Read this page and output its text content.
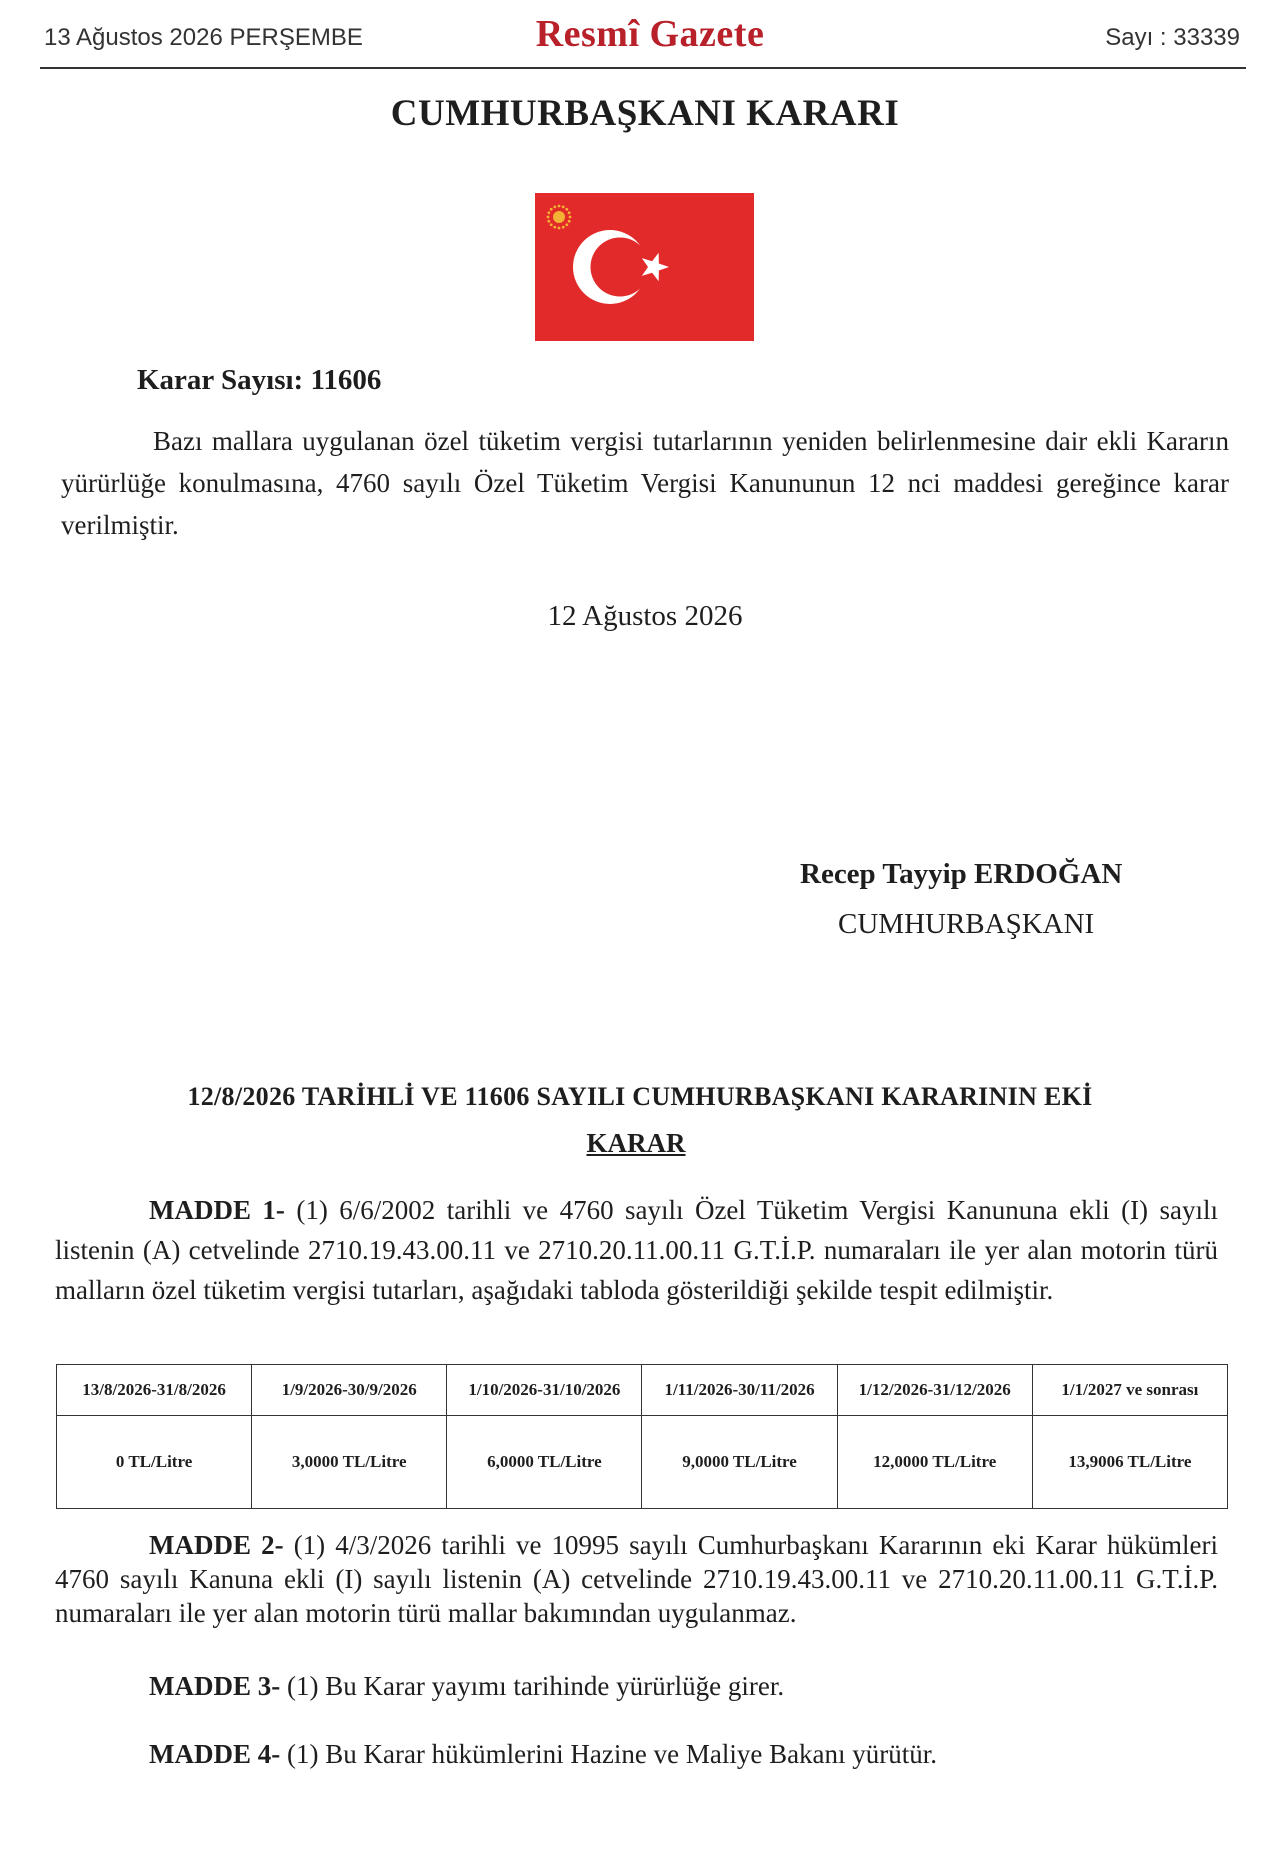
13 Ağustos 2026 PERŞEMBE	Resmî Gazete	Sayı : 33339
CUMHURBAŞKANI KARARI
Karar Sayısı: 11606

Bazı mallara uygulanan özel tüketim vergisi tutarlarının yeniden belirlenmesine dair ekli Kararın yürürlüğe konulmasına, 4760 sayılı Özel Tüketim Vergisi Kanununun 12 nci maddesi gereğince karar verilmiştir.

12 Ağustos 2026
Recep Tayyip ERDOĞAN
CUMHURBAŞKANI
12/8/2026 TARİHLİ VE 11606 SAYILI CUMHURBAŞKANI KARARININ EKİ
KARAR

MADDE 1- (1) 6/6/2002 tarihli ve 4760 sayılı Özel Tüketim Vergisi Kanununa ekli (I) sayılı listenin (A) cetvelinde 2710.19.43.00.11 ve 2710.20.11.00.11 G.T.İ.P. numaraları ile yer alan motorin türü malların özel tüketim vergisi tutarları, aşağıdaki tabloda gösterildiği şekilde tespit edilmiştir.

13/8/2026-31/8/2026	1/9/2026-30/9/2026	1/10/2026-31/10/2026	1/11/2026-30/11/2026	1/12/2026-31/12/2026	1/1/2027 ve sonrası
0 TL/Litre	3,0000 TL/Litre	6,0000 TL/Litre	9,0000 TL/Litre	12,0000 TL/Litre	13,9006 TL/Litre

MADDE 2- (1) 4/3/2026 tarihli ve 10995 sayılı Cumhurbaşkanı Kararının eki Karar hükümleri 4760 sayılı Kanuna ekli (I) sayılı listenin (A) cetvelinde 2710.19.43.00.11 ve 2710.20.11.00.11 G.T.İ.P. numaraları ile yer alan motorin türü mallar bakımından uygulanmaz.

MADDE 3- (1) Bu Karar yayımı tarihinde yürürlüğe girer.

MADDE 4- (1) Bu Karar hükümlerini Hazine ve Maliye Bakanı yürütür.
